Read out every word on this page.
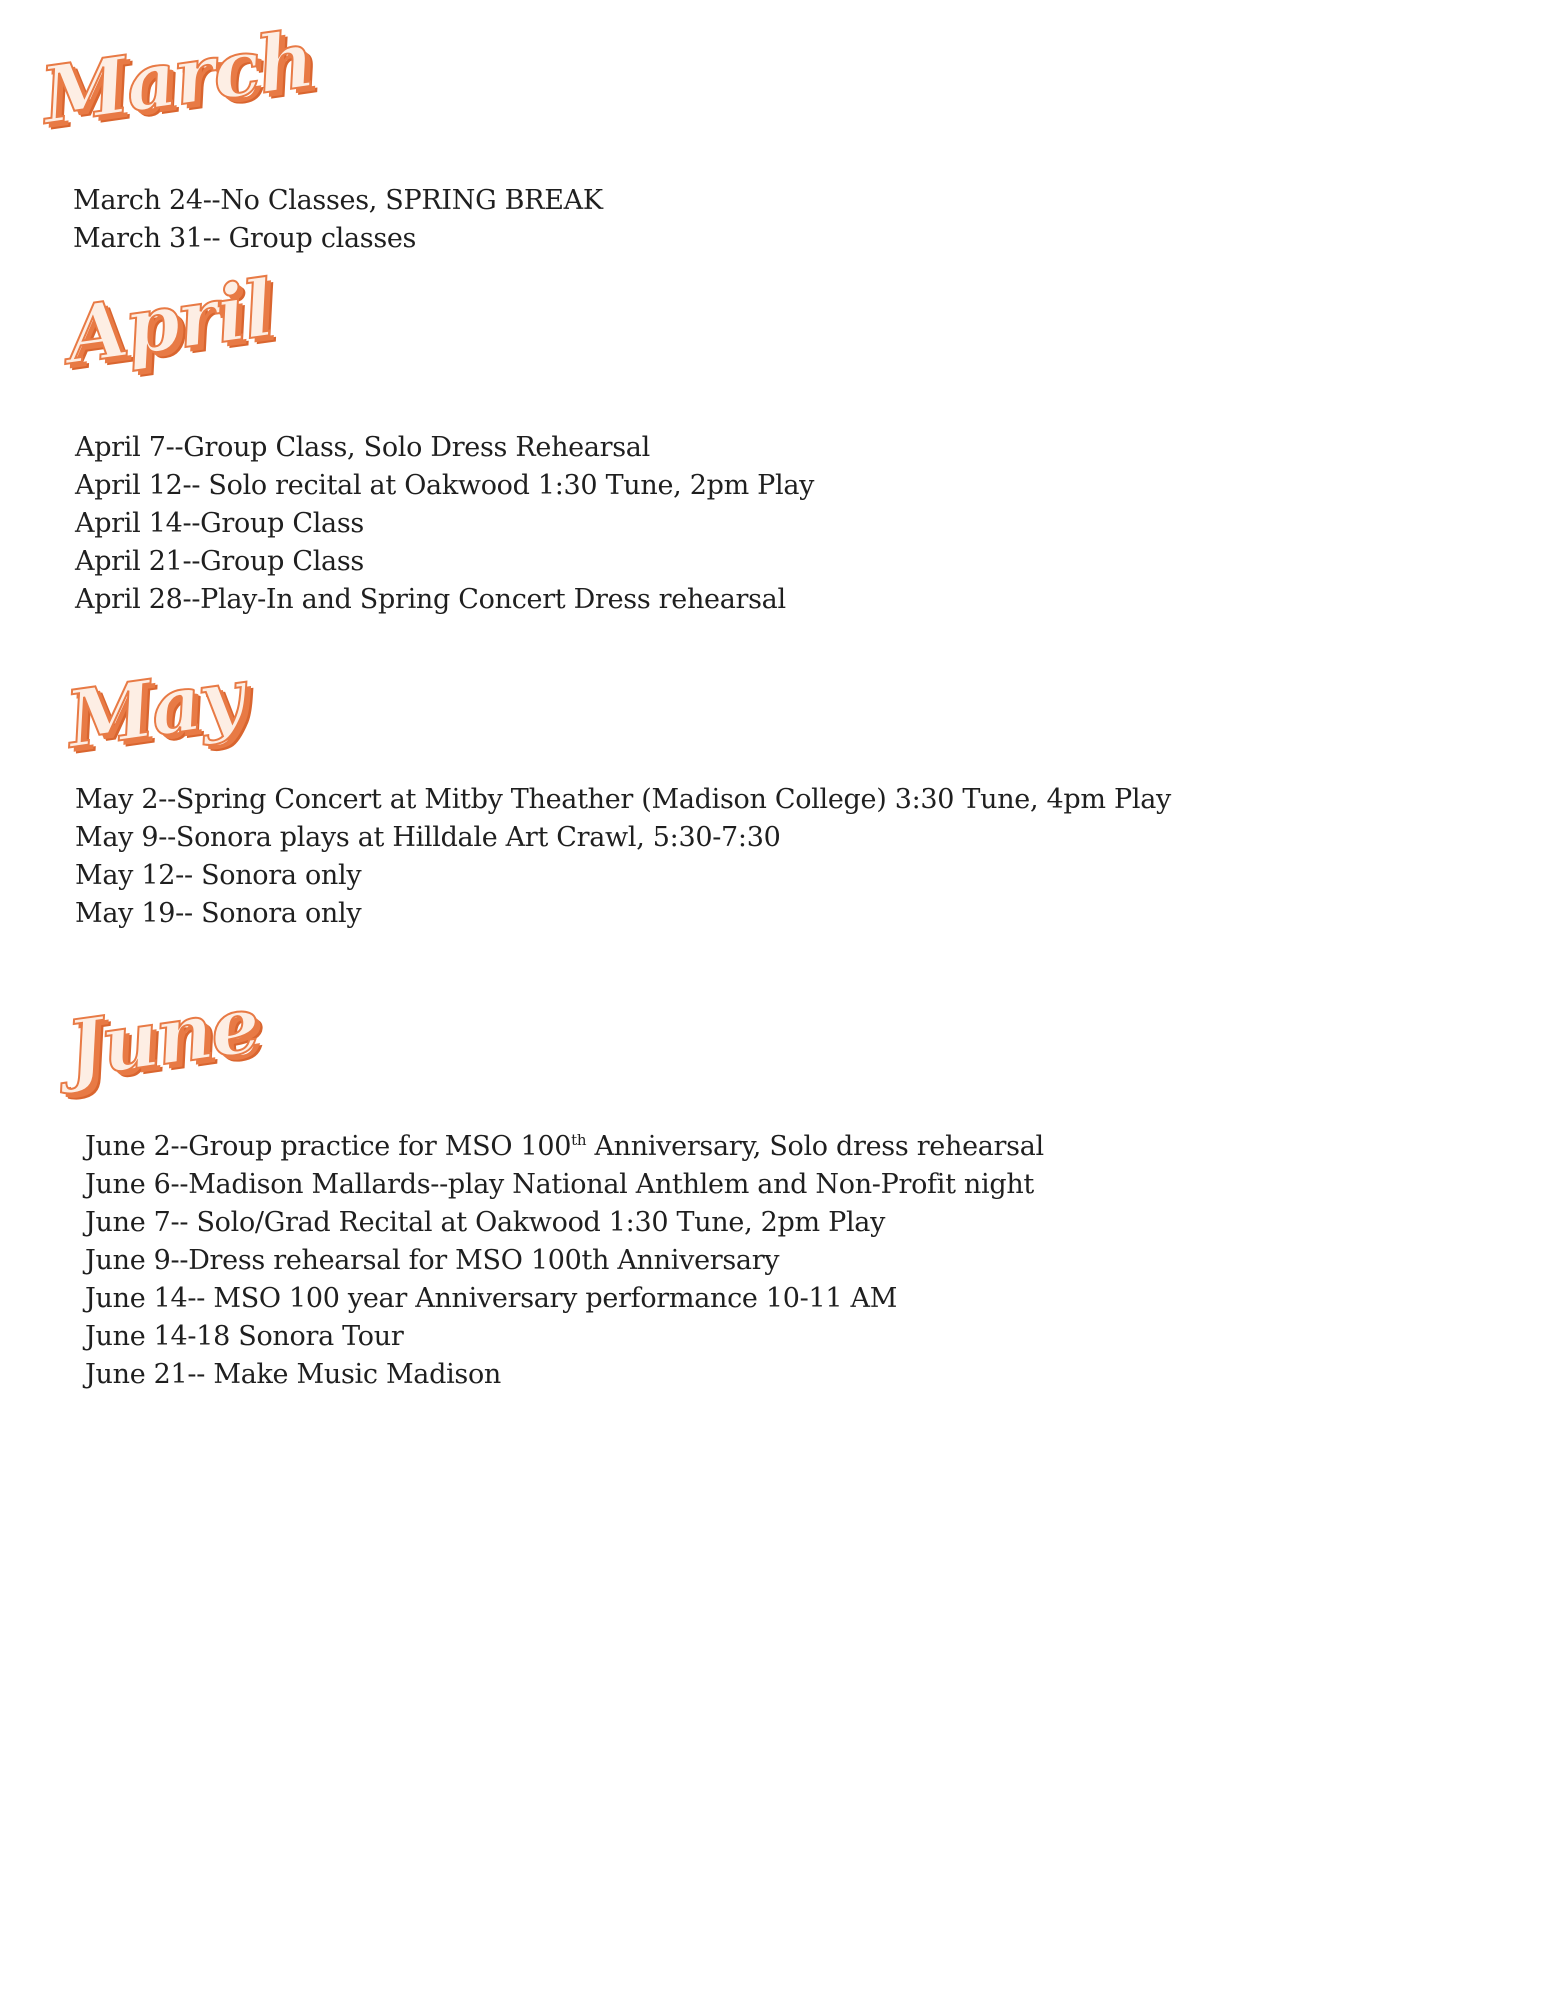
March
March 24--No Classes, SPRING BREAK
March 31-- Group classes
April
April 7--Group Class, Solo Dress Rehearsal
April 12-- Solo recital at Oakwood 1:30 Tune, 2pm Play
April 14--Group Class
April 21--Group Class
April 28--Play-In and Spring Concert Dress rehearsal
May
May 2--Spring Concert at Mitby Theather (Madison College) 3:30 Tune, 4pm Play
May 9--Sonora plays at Hilldale Art Crawl, 5:30-7:30
May 12-- Sonora only
May 19-- Sonora only
June
June 2--Group practice for MSO 100th Anniversary, Solo dress rehearsal
June 6--Madison Mallards--play National Anthlem and Non-Profit night
June 7-- Solo/Grad Recital at Oakwood 1:30 Tune, 2pm Play
June 9--Dress rehearsal for MSO 100th Anniversary
June 14-- MSO 100 year Anniversary performance 10-11 AM
June 14-18 Sonora Tour
June 21-- Make Music Madison
